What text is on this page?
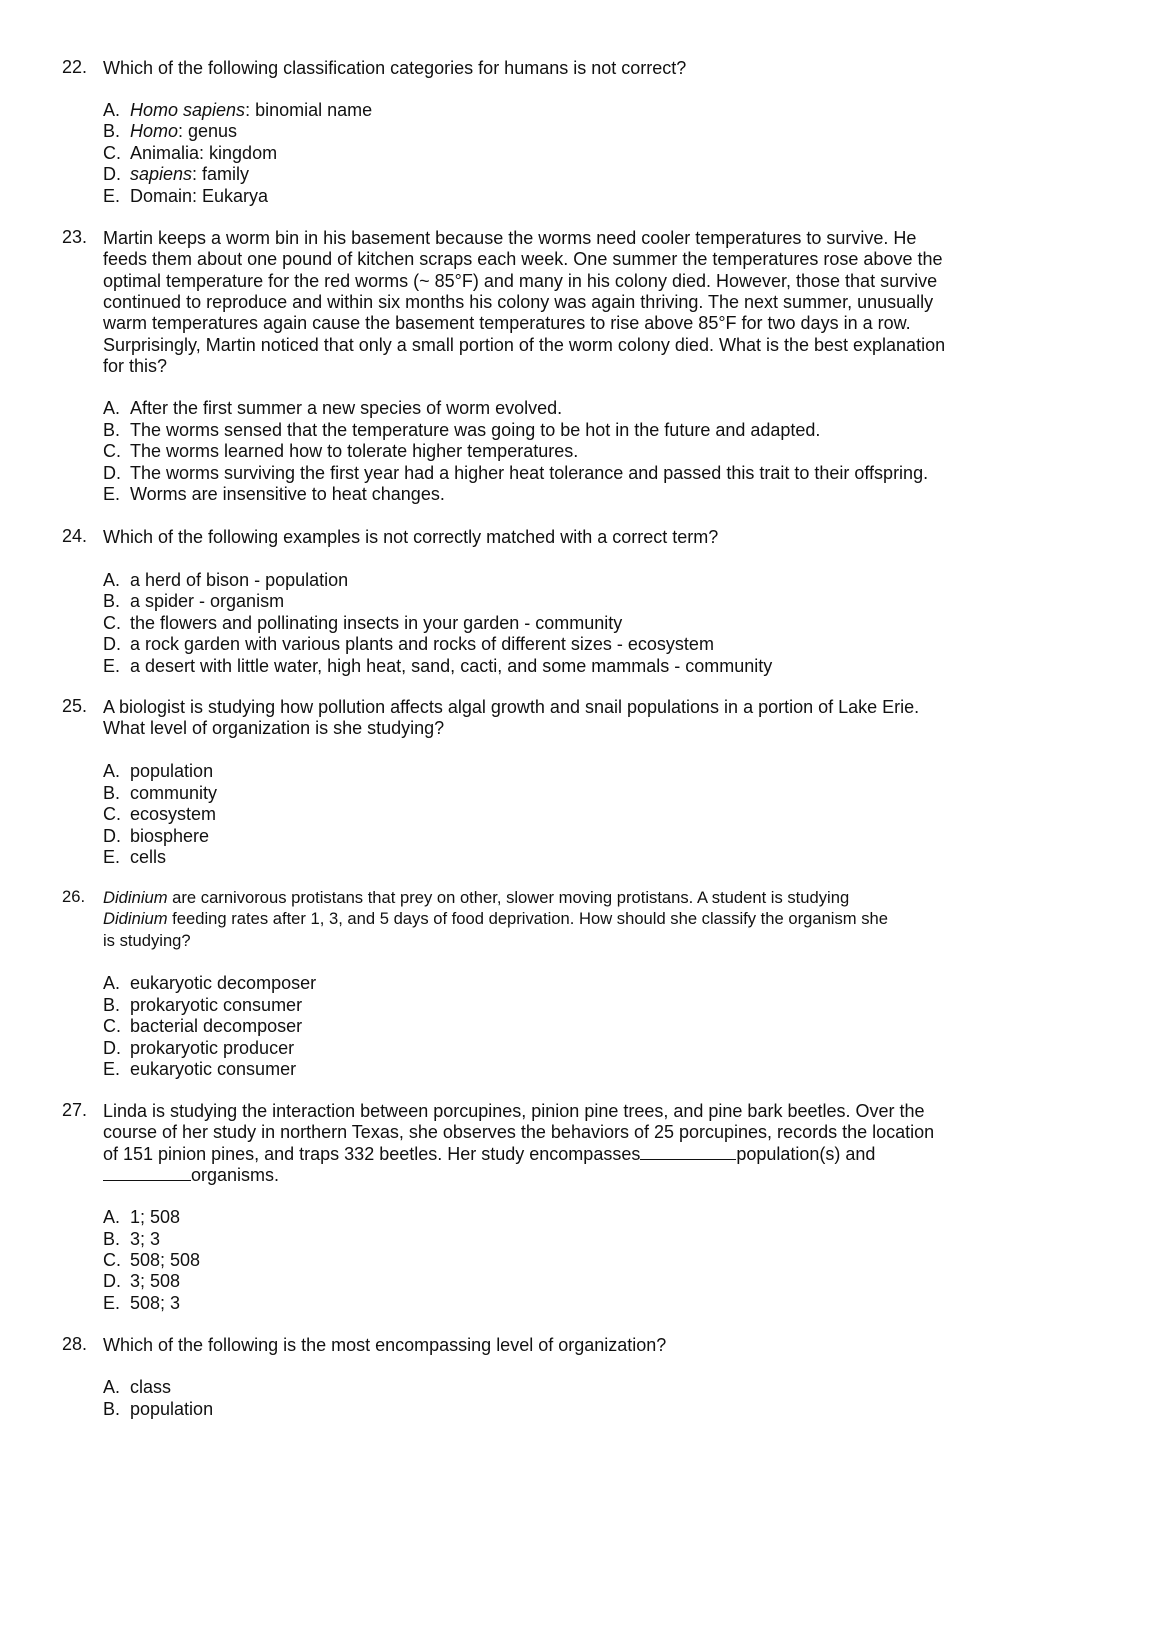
22. Which of the following classification categories for humans is not correct?
A. Homo sapiens: binomial name
B. Homo: genus
C. Animalia: kingdom
D. sapiens: family
E. Domain: Eukarya
23. Martin keeps a worm bin in his basement because the worms need cooler temperatures to survive. He
feeds them about one pound of kitchen scraps each week. One summer the temperatures rose above the
optimal temperature for the red worms (~ 85°F) and many in his colony died. However, those that survive
continued to reproduce and within six months his colony was again thriving. The next summer, unusually
warm temperatures again cause the basement temperatures to rise above 85°F for two days in a row.
Surprisingly, Martin noticed that only a small portion of the worm colony died. What is the best explanation
for this?
A. After the first summer a new species of worm evolved.
B. The worms sensed that the temperature was going to be hot in the future and adapted.
C. The worms learned how to tolerate higher temperatures.
D. The worms surviving the first year had a higher heat tolerance and passed this trait to their offspring.
E. Worms are insensitive to heat changes.
24. Which of the following examples is not correctly matched with a correct term?
A. a herd of bison - population
B. a spider - organism
C. the flowers and pollinating insects in your garden - community
D. a rock garden with various plants and rocks of different sizes - ecosystem
E. a desert with little water, high heat, sand, cacti, and some mammals - community
25. A biologist is studying how pollution affects algal growth and snail populations in a portion of Lake Erie.
What level of organization is she studying?
A. population
B. community
C. ecosystem
D. biosphere
E. cells
26. Didinium are carnivorous protistans that prey on other, slower moving protistans. A student is studying
Didinium feeding rates after 1, 3, and 5 days of food deprivation. How should she classify the organism she
is studying?
A. eukaryotic decomposer
B. prokaryotic consumer
C. bacterial decomposer
D. prokaryotic producer
E. eukaryotic consumer
27. Linda is studying the interaction between porcupines, pinion pine trees, and pine bark beetles. Over the
course of her study in northern Texas, she observes the behaviors of 25 porcupines, records the location
of 151 pinion pines, and traps 332 beetles. Her study encompasses	population(s) and
organisms.
A. 1; 508
B. 3; 3
C. 508; 508
D. 3; 508
E. 508; 3
28. Which of the following is the most encompassing level of organization?
A. class
B. population
